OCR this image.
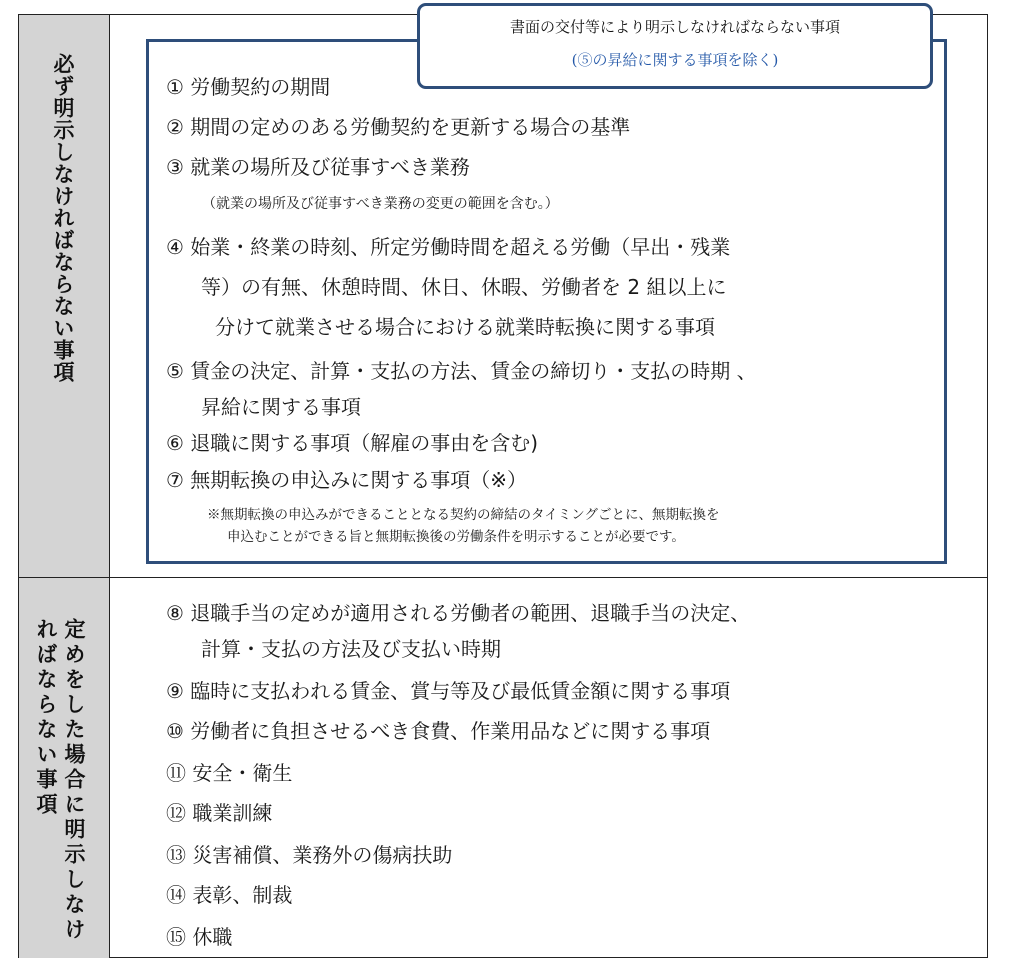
必ず明示しなければならない事項
定めをした場合に明示しなければならない事項
書面の交付等により明示しなければならない事項
(⑤の昇給に関する事項を除く)
① 労働契約の期間
② 期間の定めのある労働契約を更新する場合の基準
③ 就業の場所及び従事すべき業務
（就業の場所及び従事すべき業務の変更の範囲を含む。）
④ 始業・終業の時刻、所定労働時間を超える労働（早出・残業
等）の有無、休憩時間、休日、休暇、労働者を 2 組以上に
分けて就業させる場合における就業時転換に関する事項
⑤ 賃金の決定、計算・支払の方法、賃金の締切り・支払の時期 、
昇給に関する事項
⑥ 退職に関する事項（解雇の事由を含む)
⑦ 無期転換の申込みに関する事項（※）
※無期転換の申込みができることとなる契約の締結のタイミングごとに、無期転換を
申込むことができる旨と無期転換後の労働条件を明示することが必要です。
⑧ 退職手当の定めが適用される労働者の範囲、退職手当の決定、
計算・支払の方法及び支払い時期
⑨ 臨時に支払われる賃金、賞与等及び最低賃金額に関する事項
⑩ 労働者に負担させるべき食費、作業用品などに関する事項
⑪ 安全・衛生
⑫ 職業訓練
⑬ 災害補償、業務外の傷病扶助
⑭ 表彰、制裁
⑮ 休職
